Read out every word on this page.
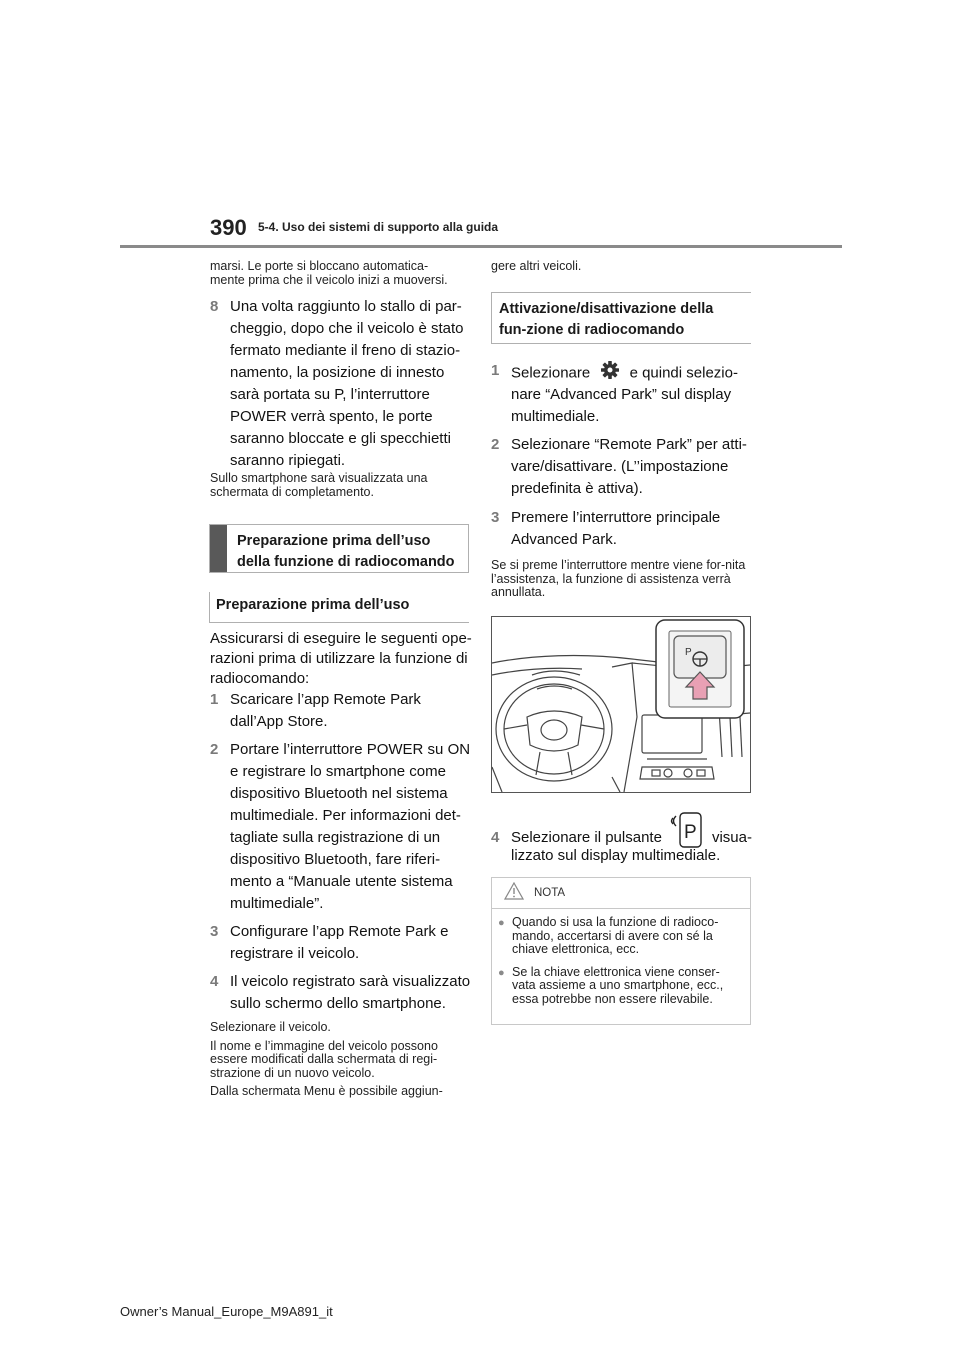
390 5-4. Uso dei sistemi di supporto alla guida
marsi. Le porte si bloccano automatica-
mente prima che il veicolo inizi a muoversi.
8 Una volta raggiunto lo stallo di par-cheggio, dopo che il veicolo è stato fermato mediante il freno di stazio-namento, la posizione di innesto sarà portata su P, l’interruttore POWER verrà spento, le porte saranno bloccate e gli specchietti saranno ripiegati.
Sullo smartphone sarà visualizzata una schermata di completamento.
Preparazione prima dell’uso della funzione di radiocomando
Preparazione prima dell’uso
Assicurarsi di eseguire le seguenti ope-razioni prima di utilizzare la funzione di radiocomando:
1 Scaricare l’app Remote Park dall’App Store.
2 Portare l’interruttore POWER su ON e registrare lo smartphone come dispositivo Bluetooth nel sistema multimediale. Per informazioni det-tagliate sulla registrazione di un dispositivo Bluetooth, fare riferi-mento a “Manuale utente sistema multimediale”.
3 Configurare l’app Remote Park e registrare il veicolo.
4 Il veicolo registrato sarà visualizzato sullo schermo dello smartphone.
Selezionare il veicolo.
Il nome e l’immagine del veicolo possono essere modificati dalla schermata di regi-strazione di un nuovo veicolo.
Dalla schermata Menu è possibile aggiun-
gere altri veicoli.
Attivazione/disattivazione della fun-zione di radiocomando
1 Selezionare	e quindi selezio-
nare “Advanced Park” sul display multimediale.
2 Selezionare “Remote Park” per atti-vare/disattivare. (L’’impostazione predefinita è attiva).
3 Premere l’interruttore principale Advanced Park.
Se si preme l’interruttore mentre viene for-nita l’assistenza, la funzione di assistenza verrà annullata.
P
4 Selezionare il pulsante P visua-
lizzato sul display multimediale.
NOTA
● Quando si usa la funzione di radioco-mando, accertarsi di avere con sé la chiave elettronica, ecc.
● Se la chiave elettronica viene conser-vata assieme a uno smartphone, ecc., essa potrebbe non essere rilevabile.
Owner’s Manual_Europe_M9A891_it
